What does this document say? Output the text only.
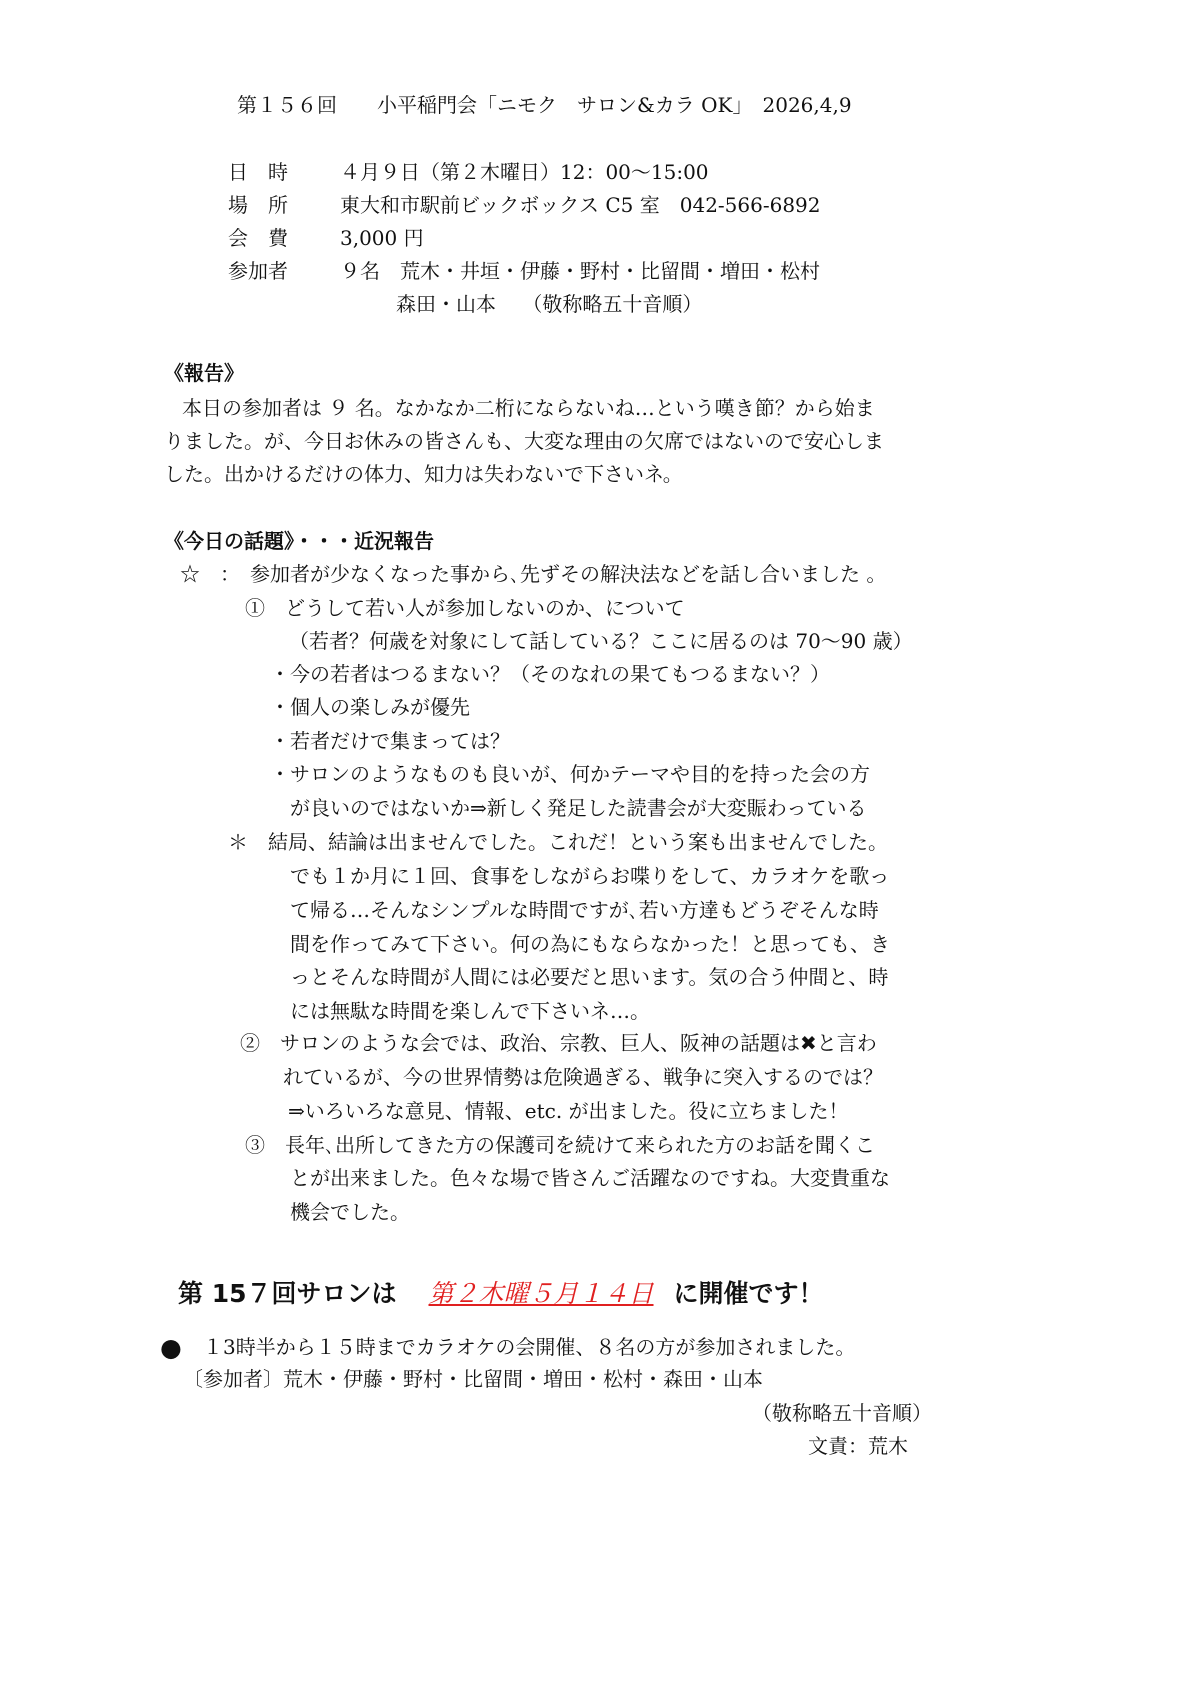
第１５６回　　小平稲門会「ニモク　サロン&カラ OK」　2026,4,9
日　時	４月９日（第２木曜日）12：00〜15:00
場　所	東大和市駅前ビックボックス C5 室　042-566-6892
会　費	3,000 円
参加者	９名　荒木・井垣・伊藤・野村・比留間・増田・松村
森田・山本　 （敬称略五十音順）
《報告》
本日の参加者は ９ 名。なかなか二桁にならないね…という嘆き節？から始ま
りました。が、今日お休みの皆さんも、大変な理由の欠席ではないので安心しま
した。出かけるだけの体力、知力は失わないで下さいネ。
《今日の話題》・・・近況報告
☆　：　参加者が少なくなった事から､先ずその解決法などを話し合いました 。
①　どうして若い人が参加しないのか、について
（若者？何歳を対象にして話している？ここに居るのは 70〜90 歳）
・今の若者はつるまない？（そのなれの果てもつるまない？）
・個人の楽しみが優先
・若者だけで集まっては？
・サロンのようなものも良いが、何かテーマや目的を持った会の方
が良いのではないか⇒新しく発足した読書会が大変賑わっている
＊　結局、結論は出ませんでした。これだ！という案も出ませんでした。
でも１か月に１回、食事をしながらお喋りをして、カラオケを歌っ
て帰る…そんなシンプルな時間ですが､若い方達もどうぞそんな時
間を作ってみて下さい。何の為にもならなかった！と思っても、き
っとそんな時間が人間には必要だと思います。気の合う仲間と、時
には無駄な時間を楽しんで下さいネ…。
②　サロンのような会では、政治、宗教、巨人、阪神の話題は✖と言わ
れているが、今の世界情勢は危険過ぎる、戦争に突入するのでは？
⇒いろいろな意見、情報、etc. が出ました。役に立ちました！
③　長年､出所してきた方の保護司を続けて来られた方のお話を聞くこ
とが出来ました。色々な場で皆さんご活躍なのですね。大変貴重な
機会でした。
第 15７回サロンは 第２木曜５月１４日 に開催です！
● １3時半から１５時までカラオケの会開催、８名の方が参加されました。
〔参加者〕荒木・伊藤・野村・比留間・増田・松村・森田・山本
（敬称略五十音順）
文責：荒木
